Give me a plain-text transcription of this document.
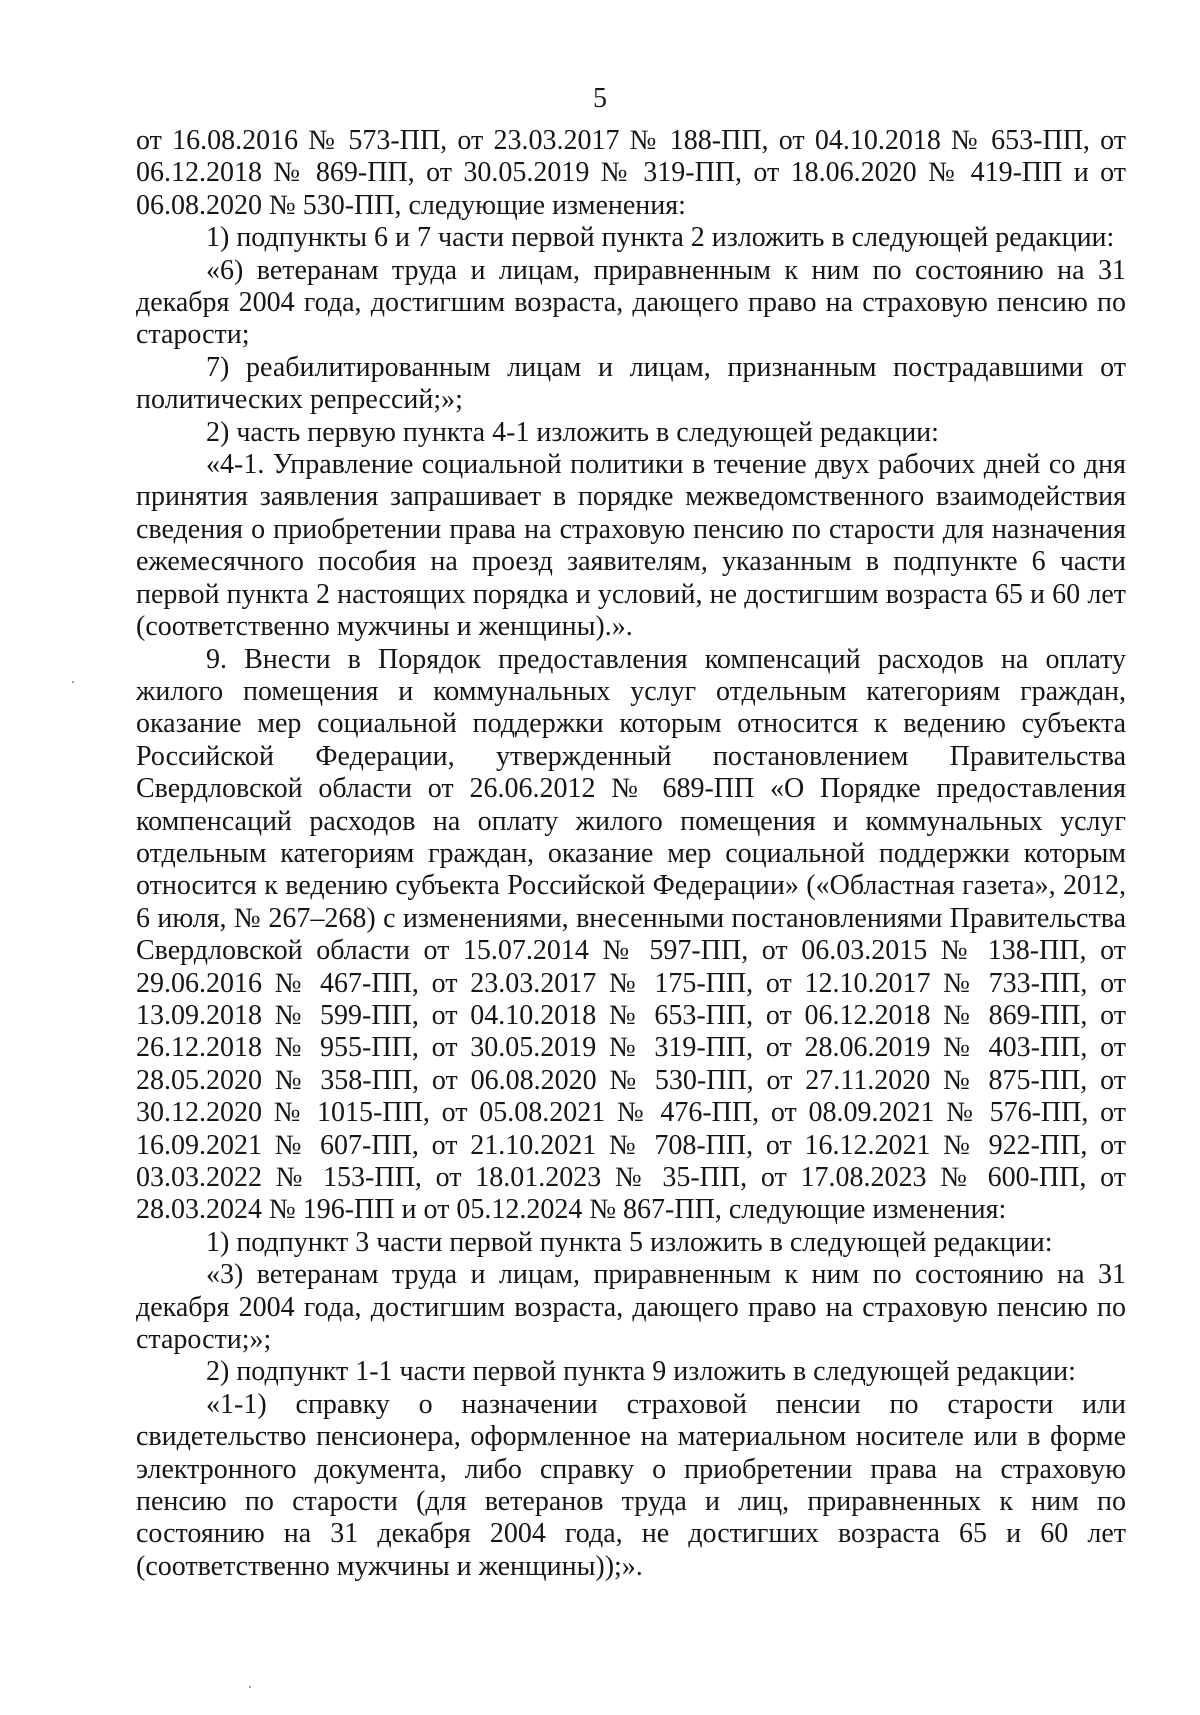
5

от 16.08.2016 № 573-ПП, от 23.03.2017 № 188-ПП, от 04.10.2018 № 653-ПП, от 06.12.2018 № 869-ПП, от 30.05.2019 № 319-ПП, от 18.06.2020 № 419-ПП и от 06.08.2020 № 530-ПП, следующие изменения:

1) подпункты 6 и 7 части первой пункта 2 изложить в следующей редакции:

«6) ветеранам труда и лицам, приравненным к ним по состоянию на 31 декабря 2004 года, достигшим возраста, дающего право на страховую пенсию по старости;

7) реабилитированным лицам и лицам, признанным пострадавшими от политических репрессий;»;

2) часть первую пункта 4-1 изложить в следующей редакции:

«4-1. Управление социальной политики в течение двух рабочих дней со дня принятия заявления запрашивает в порядке межведомственного взаимодействия сведения о приобретении права на страховую пенсию по старости для назначения ежемесячного пособия на проезд заявителям, указанным в подпункте 6 части первой пункта 2 настоящих порядка и условий, не достигшим возраста 65 и 60 лет (соответственно мужчины и женщины).».

9. Внести в Порядок предоставления компенсаций расходов на оплату жилого помещения и коммунальных услуг отдельным категориям граждан, оказание мер социальной поддержки которым относится к ведению субъекта Российской Федерации, утвержденный постановлением Правительства Свердловской области от 26.06.2012 № 689-ПП «О Порядке предоставления компенсаций расходов на оплату жилого помещения и коммунальных услуг отдельным категориям граждан, оказание мер социальной поддержки которым относится к ведению субъекта Российской Федерации» («Областная газета», 2012, 6 июля, № 267–268) с изменениями, внесенными постановлениями Правительства Свердловской области от 15.07.2014 № 597-ПП, от 06.03.2015 № 138-ПП, от 29.06.2016 № 467-ПП, от 23.03.2017 № 175-ПП, от 12.10.2017 № 733-ПП, от 13.09.2018 № 599-ПП, от 04.10.2018 № 653-ПП, от 06.12.2018 № 869-ПП, от 26.12.2018 № 955-ПП, от 30.05.2019 № 319-ПП, от 28.06.2019 № 403-ПП, от 28.05.2020 № 358-ПП, от 06.08.2020 № 530-ПП, от 27.11.2020 № 875-ПП, от 30.12.2020 № 1015-ПП, от 05.08.2021 № 476-ПП, от 08.09.2021 № 576-ПП, от 16.09.2021 № 607-ПП, от 21.10.2021 № 708-ПП, от 16.12.2021 № 922-ПП, от 03.03.2022 № 153-ПП, от 18.01.2023 № 35-ПП, от 17.08.2023 № 600-ПП, от 28.03.2024 № 196-ПП и от 05.12.2024 № 867-ПП, следующие изменения:

1) подпункт 3 части первой пункта 5 изложить в следующей редакции:

«3) ветеранам труда и лицам, приравненным к ним по состоянию на 31 декабря 2004 года, достигшим возраста, дающего право на страховую пенсию по старости;»;

2) подпункт 1-1 части первой пункта 9 изложить в следующей редакции:

«1-1) справку о назначении страховой пенсии по старости или свидетельство пенсионера, оформленное на материальном носителе или в форме электронного документа, либо справку о приобретении права на страховую пенсию по старости (для ветеранов труда и лиц, приравненных к ним по состоянию на 31 декабря 2004 года, не достигших возраста 65 и 60 лет (соответственно мужчины и женщины));».
